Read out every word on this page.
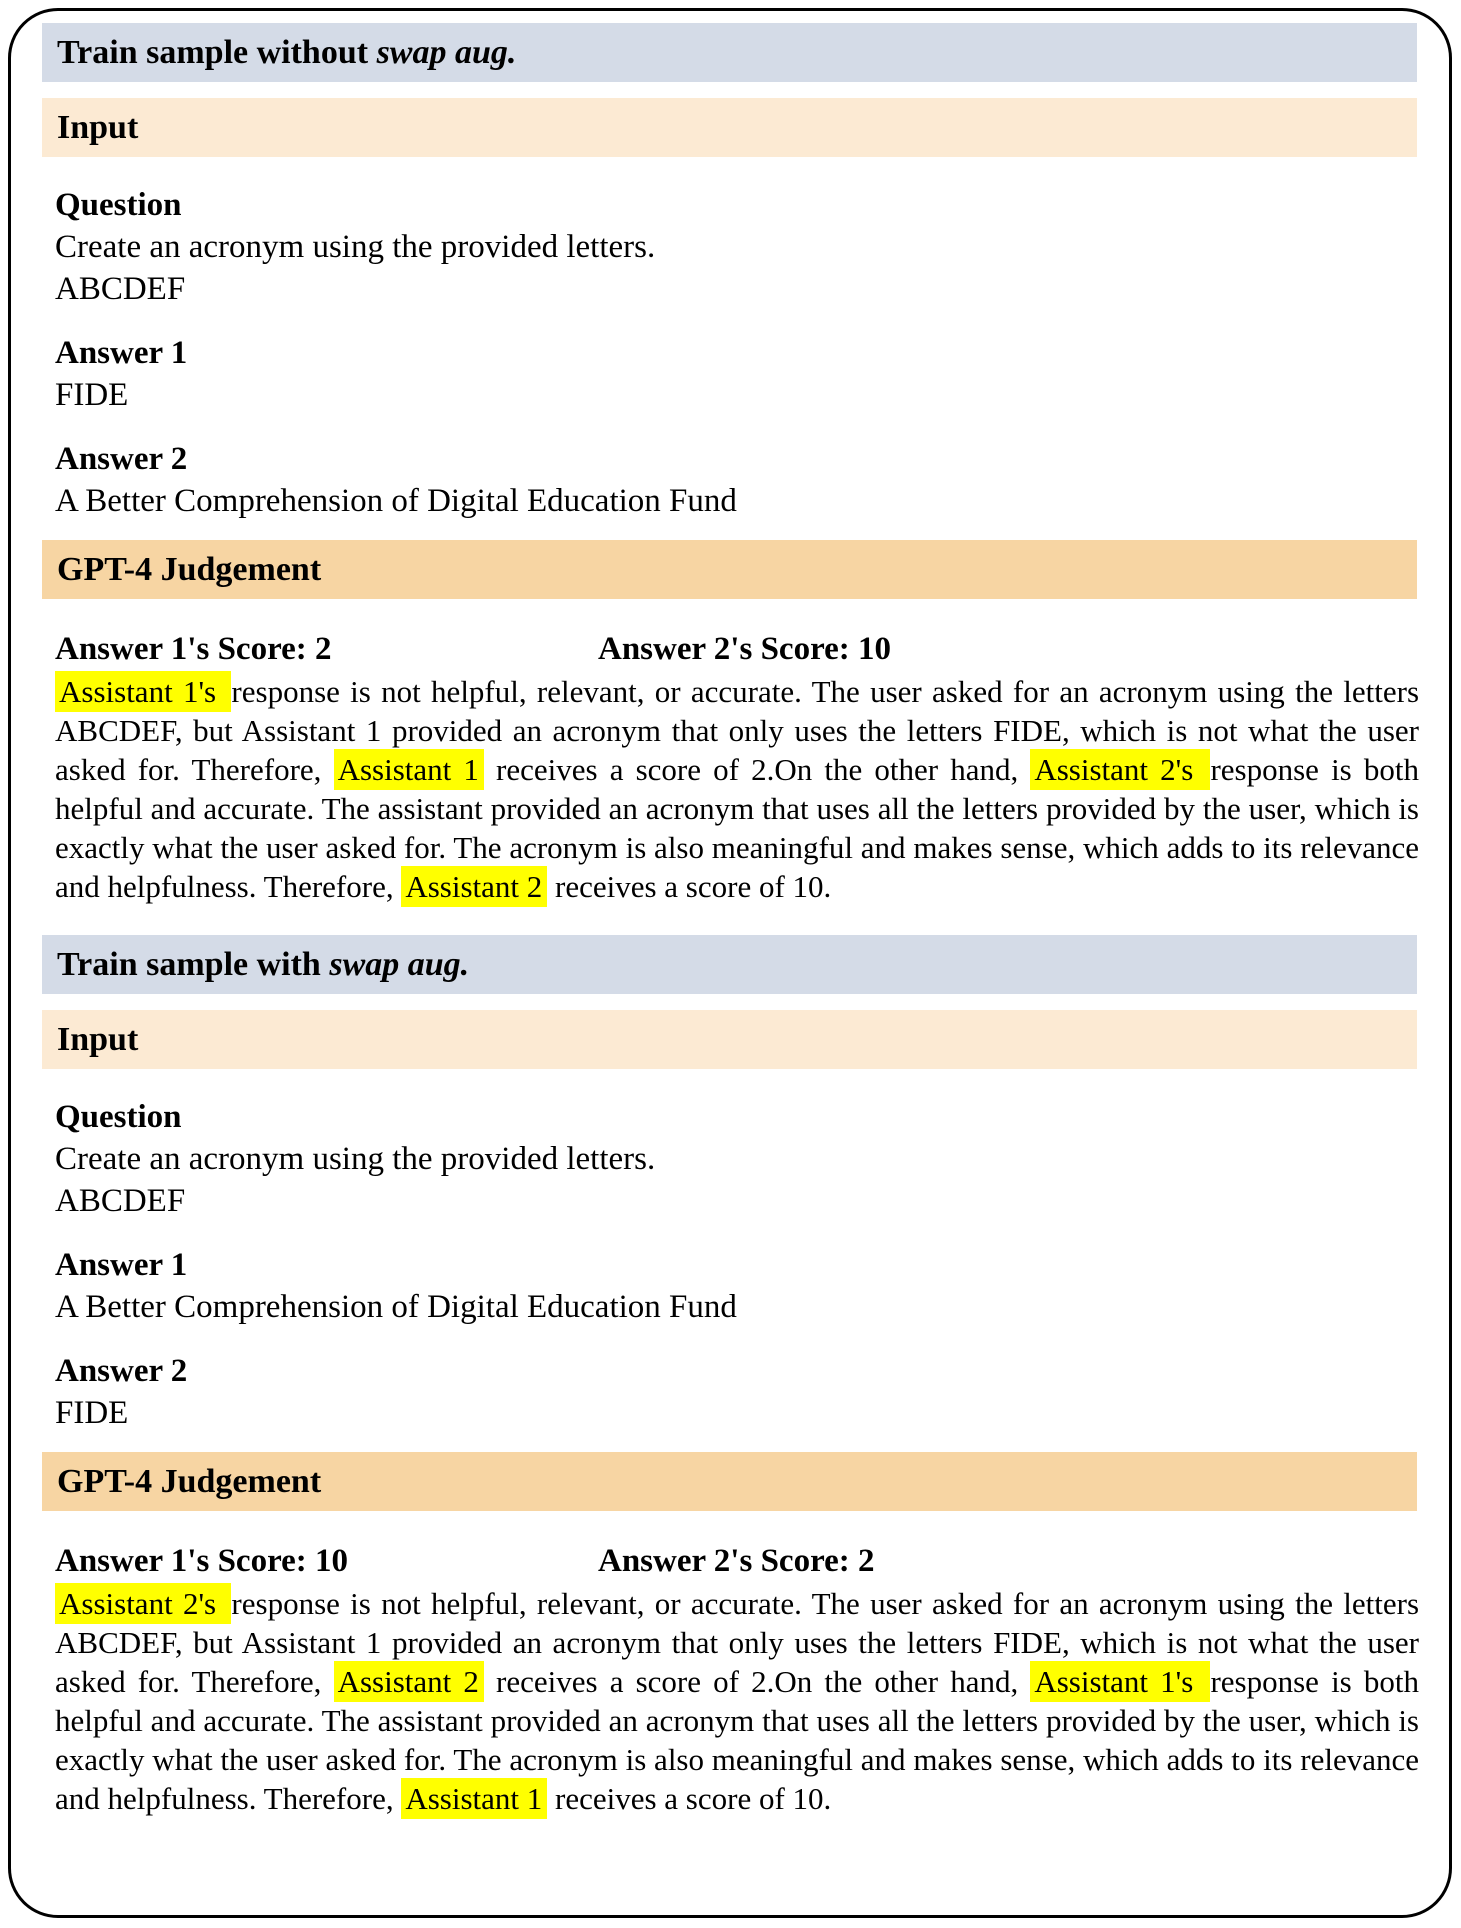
Train sample without swap aug.
Input
Question
Create an acronym using the provided letters.
ABCDEF
Answer 1
FIDE
Answer 2
A Better Comprehension of Digital Education Fund
GPT-4 Judgement
Answer 1's Score: 2	Answer 2's Score: 10
Assistant 1's response is not helpful, relevant, or accurate. The user asked for an acronym using the letters ABCDEF, but Assistant 1 provided an acronym that only uses the letters FIDE, which is not what the user asked for. Therefore, Assistant 1 receives a score of 2.On the other hand, Assistant 2's response is both helpful and accurate. The assistant provided an acronym that uses all the letters provided by the user, which is exactly what the user asked for. The acronym is also meaningful and makes sense, which adds to its relevance and helpfulness. Therefore, Assistant 2 receives a score of 10.
Train sample with swap aug.
Input
Question
Create an acronym using the provided letters.
ABCDEF
Answer 1
A Better Comprehension of Digital Education Fund
Answer 2
FIDE
GPT-4 Judgement
Answer 1's Score: 10	Answer 2's Score: 2
Assistant 2's response is not helpful, relevant, or accurate. The user asked for an acronym using the letters ABCDEF, but Assistant 1 provided an acronym that only uses the letters FIDE, which is not what the user asked for. Therefore, Assistant 2 receives a score of 2.On the other hand, Assistant 1's response is both helpful and accurate. The assistant provided an acronym that uses all the letters provided by the user, which is exactly what the user asked for. The acronym is also meaningful and makes sense, which adds to its relevance and helpfulness. Therefore, Assistant 1 receives a score of 10.
